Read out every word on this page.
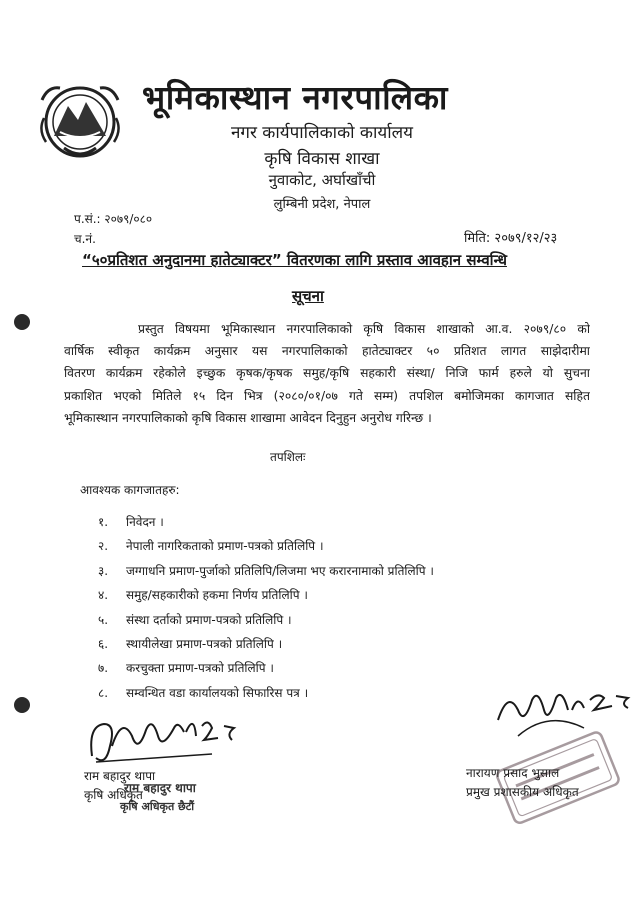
भूमिकास्थान नगरपालिका
नगर कार्यपालिकाको कार्यालय
कृषि विकास शाखा
नुवाकोट, अर्घाखाँची
लुम्बिनी प्रदेश, नेपाल
प.सं.: २०७९/०८०
च.नं.	मिति: २०७९/१२/२३
“५०प्रतिशत अनुदानमा हातेट्याक्टर” वितरणका लागि प्रस्ताव आवहान सम्वन्धि
सूचना
प्रस्तुत विषयमा भूमिकास्थान नगरपालिकाको कृषि विकास शाखाको आ.व. २०७९/८० को
वार्षिक स्वीकृत कार्यक्रम अनुसार यस नगरपालिकाको हातेट्याक्टर ५० प्रतिशत लागत साझेदारीमा
वितरण कार्यक्रम रहेकोले इच्छुक कृषक/कृषक समुह/कृषि सहकारी संस्था/ निजि फार्म हरुले यो सुचना
प्रकाशित भएको मितिले १५ दिन भित्र (२०८०/०१/०७ गते सम्म) तपशिल बमोजिमका कागजात सहित
भूमिकास्थान नगरपालिकाको कृषि विकास शाखामा आवेदन दिनुहुन अनुरोध गरिन्छ ।
तपशिलः
आवश्यक कागजातहरु:
१. निवेदन ।
२. नेपाली नागरिकताको प्रमाण-पत्रको प्रतिलिपि ।
३. जग्गाधनि प्रमाण-पुर्जाको प्रतिलिपि/लिजमा भए करारनामाको प्रतिलिपि ।
४. समुह/सहकारीको हकमा निर्णय प्रतिलिपि ।
५. संस्था दर्ताको प्रमाण-पत्रको प्रतिलिपि ।
६. स्थायीलेखा प्रमाण-पत्रको प्रतिलिपि ।
७. करचुक्ता प्रमाण-पत्रको प्रतिलिपि ।
८. सम्वन्धित वडा कार्यालयको सिफारिस पत्र ।
राम बहादुर थापा
कृषि अधिकृत
राम बहादुर थापा
कृषि अधिकृत छैटौं
नारायण प्रसाद भुसाल
प्रमुख प्रशासकीय अधिकृत
